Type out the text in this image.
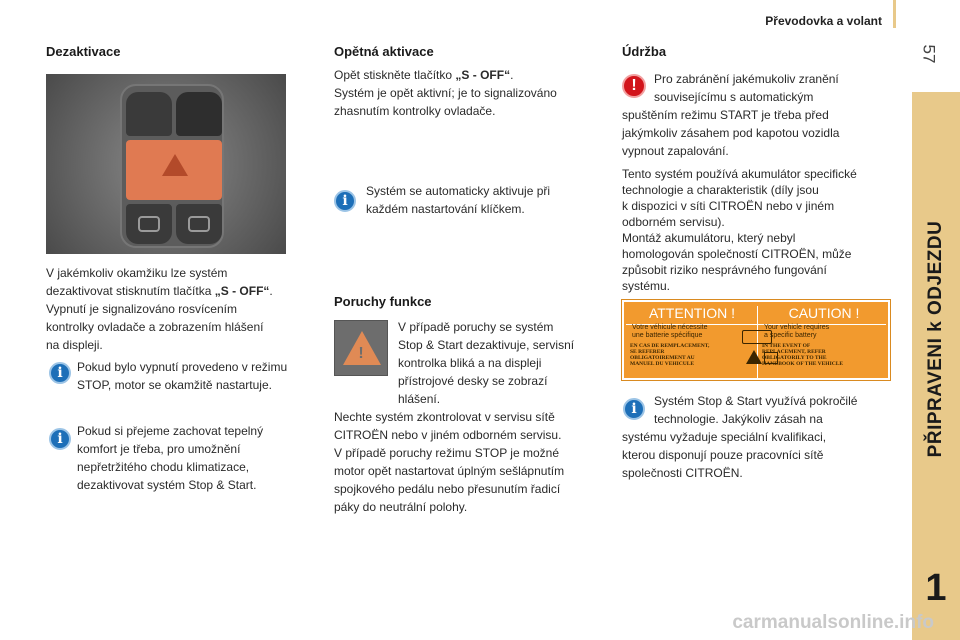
Převodovka a volant
57
PŘIPRAVENI k ODJEZDU
1
Dezaktivace
V jakémkoliv okamžiku lze systém
dezaktivovat stisknutím tlačítka „S - OFF“.
Vypnutí je signalizováno rosvícením
kontrolky ovladače a zobrazením hlášení
na displeji.
i	Pokud bylo vypnutí provedeno v režimu
STOP, motor se okamžitě nastartuje.
i	Pokud si přejeme zachovat tepelný
komfort je třeba, pro umožnění
nepřetržitého chodu klimatizace,
dezaktivovat systém Stop & Start.
Opětná aktivace
Opět stiskněte tlačítko „S - OFF“.
Systém je opět aktivní; je to signalizováno
zhasnutím kontrolky ovladače.
i
Systém se automaticky aktivuje při
každém nastartování klíčkem.
Poruchy funkce
!
V případě poruchy se systém
Stop & Start dezaktivuje, servisní
kontrolka bliká a na displeji
přístrojové desky se zobrazí
hlášení.
Nechte systém zkontrolovat v servisu sítě
CITROËN nebo v jiném odborném servisu.
V případě poruchy režimu STOP je možné
motor opět nastartovat úplným sešlápnutím
spojkového pedálu nebo přesunutím řadicí
páky do neutrální polohy.
Údržba
!	Pro zabránění jakémukoliv zranění
souvisejícímu s automatickým
spuštěním režimu START je třeba před
jakýmkoliv zásahem pod kapotou vozidla
vypnout zapalování.
Tento systém používá akumulátor specifické
technologie a charakteristik (díly jsou
k dispozici v síti CITROËN nebo v jiném
odborném servisu).
Montáž akumulátoru, který nebyl
homologován společností CITROËN, může
způsobit riziko nesprávného fungování
systému.
ATTENTION !
Votre véhicule nécessite
une batterie spécifique
EN CAS DE REMPLACEMENT,
SE REFERER
OBLIGATOIREMENT AU
MANUEL DU VEHICULE
CAUTION !
Your vehicle requires
a specific battery
IN THE EVENT OF
REPLACEMENT, REFER
OBLIGATORILY TO THE
HANDBOOK OF THE VEHICLE
i	Systém Stop & Start využívá pokročilé
technologie. Jakýkoliv zásah na
systému vyžaduje speciální kvalifikaci,
kterou disponují pouze pracovníci sítě
společnosti CITROËN.
carmanualsonline.info
